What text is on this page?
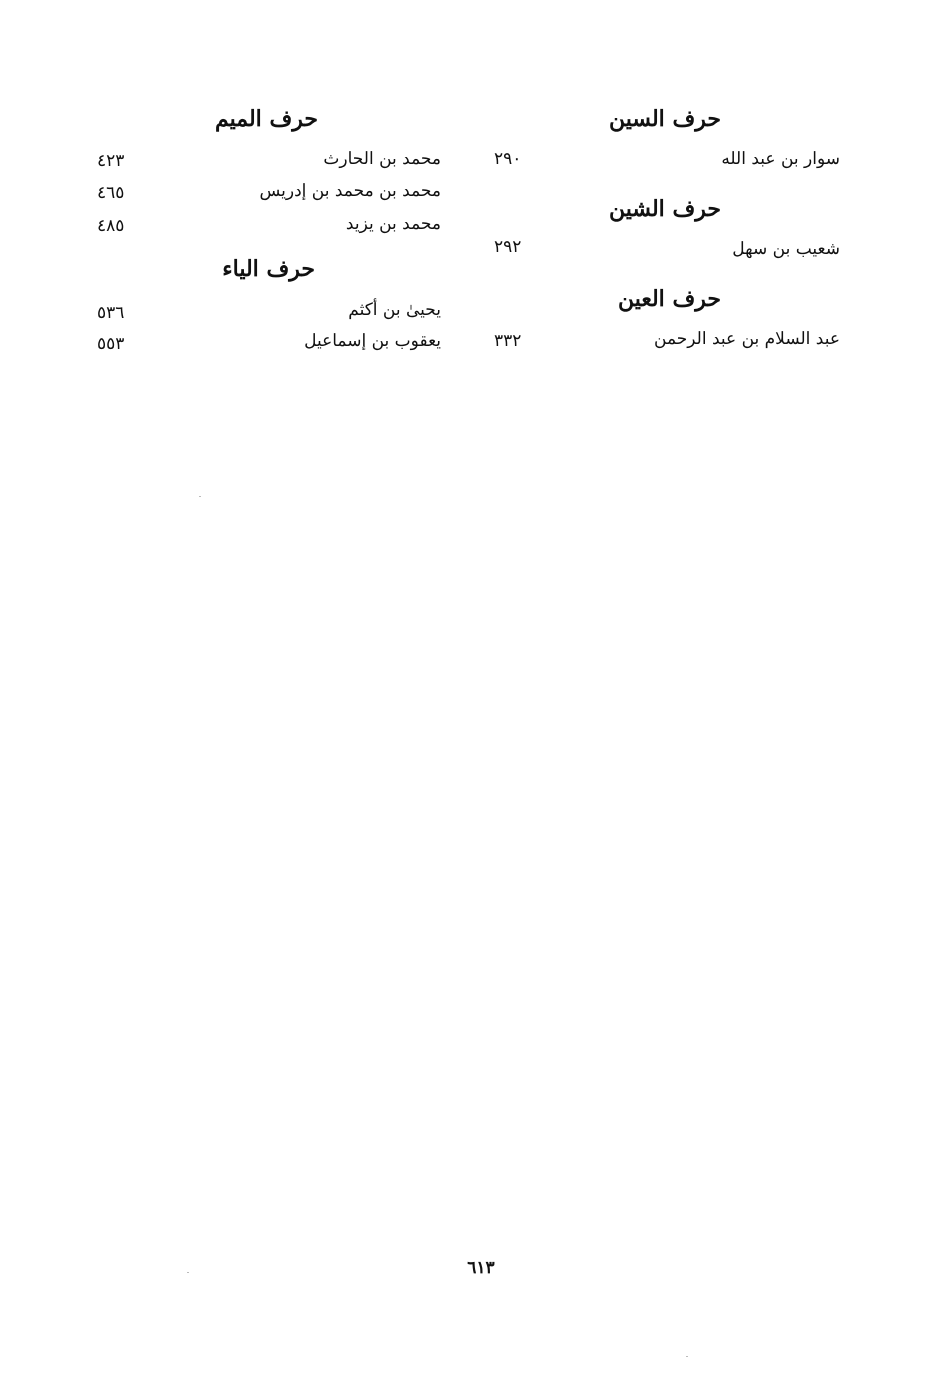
حرف السين
سوار بن عبد الله
٢٩٠
حرف الشين
شعيب بن سهل
٢٩٢
حرف العين
عبد السلام بن عبد الرحمن
٣٣٢
حرف الميم
محمد بن الحارث
٤٢٣
محمد بن محمد بن إدريس
٤٦٥
محمد بن يزيد
٤٨٥
حرف الياء
يحيىٰ بن أكثم
٥٣٦
يعقوب بن إسماعيل
٥٥٣
٦١٣
